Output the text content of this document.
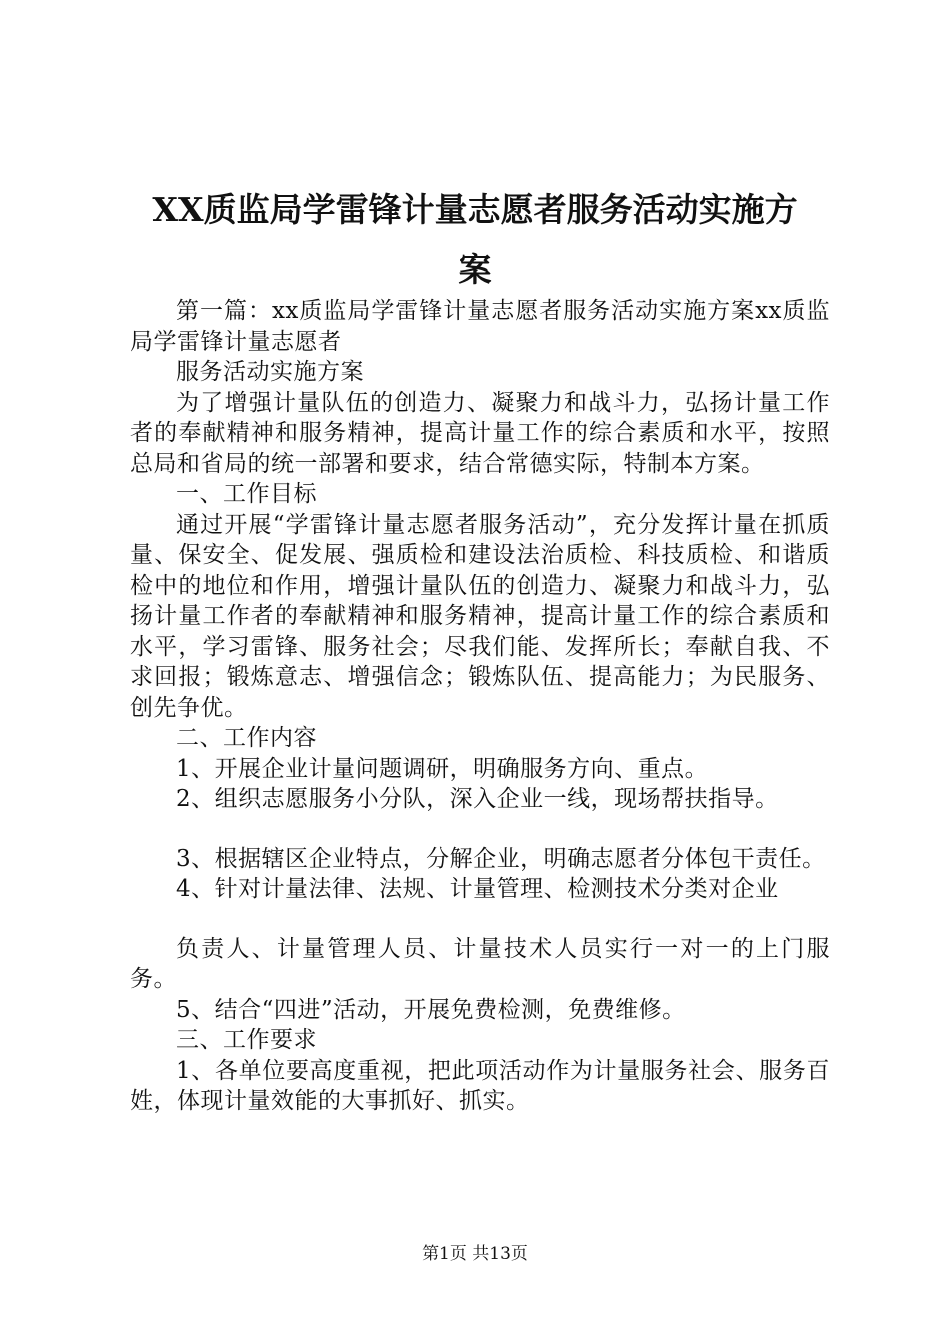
XX质监局学雷锋计量志愿者服务活动实施方
案

第一篇：xx质监局学雷锋计量志愿者服务活动实施方案xx质监局学雷锋计量志愿者

服务活动实施方案

为了增强计量队伍的创造力、凝聚力和战斗力，弘扬计量工作者的奉献精神和服务精神，提高计量工作的综合素质和水平，按照总局和省局的统一部署和要求，结合常德实际，特制本方案。

一、工作目标

通过开展“学雷锋计量志愿者服务活动”，充分发挥计量在抓质量、保安全、促发展、强质检和建设法治质检、科技质检、和谐质检中的地位和作用，增强计量队伍的创造力、凝聚力和战斗力，弘扬计量工作者的奉献精神和服务精神，提高计量工作的综合素质和水平，学习雷锋、服务社会；尽我们能、发挥所长；奉献自我、不求回报；锻炼意志、增强信念；锻炼队伍、提高能力；为民服务、创先争优。

二、工作内容

1、开展企业计量问题调研，明确服务方向、重点。

2、组织志愿服务小分队，深入企业一线，现场帮扶指导。

3、根据辖区企业特点，分解企业，明确志愿者分体包干责任。

4、针对计量法律、法规、计量管理、检测技术分类对企业

负责人、计量管理人员、计量技术人员实行一对一的上门服务。

5、结合“四进”活动，开展免费检测，免费维修。

三、工作要求

1、各单位要高度重视，把此项活动作为计量服务社会、服务百姓，体现计量效能的大事抓好、抓实。

第1页 共13页
